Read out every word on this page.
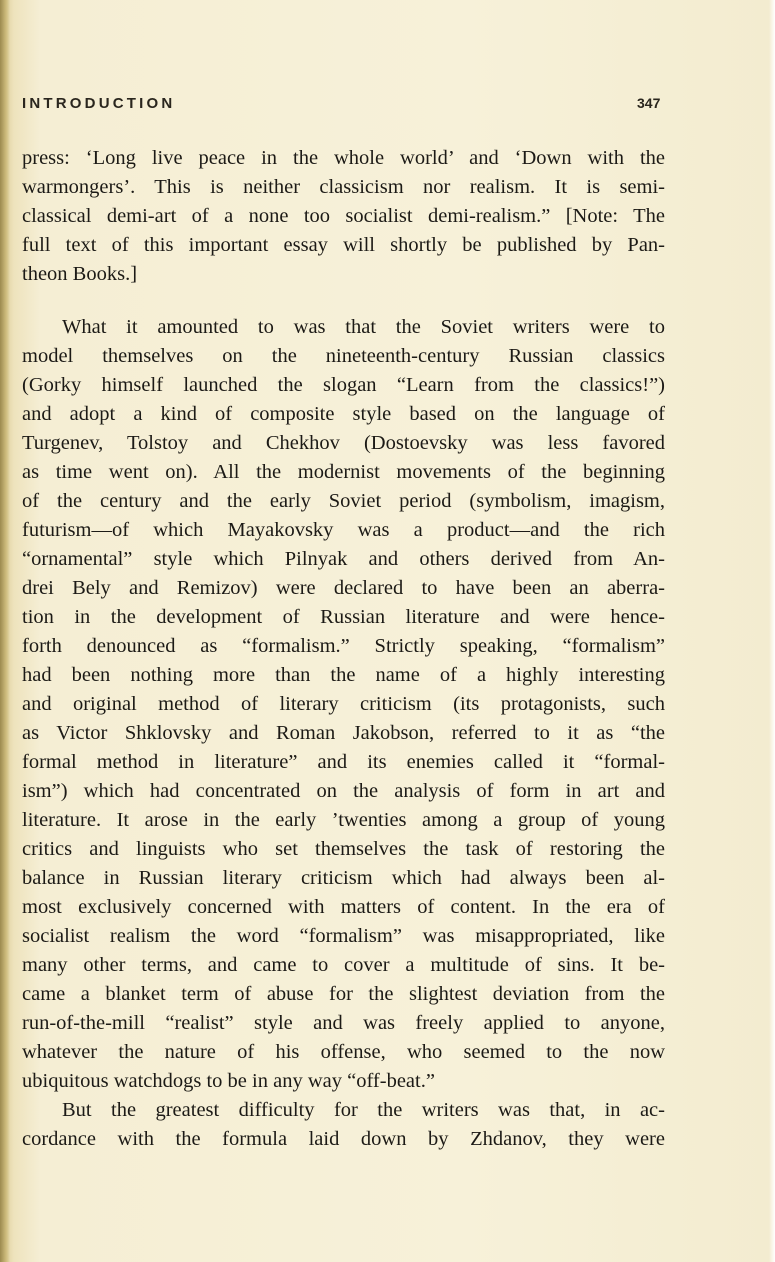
INTRODUCTION	347
press: ‘Long live peace in the whole world’ and ‘Down with the
warmongers’. This is neither classicism nor realism. It is semi-
classical demi-art of a none too socialist demi-realism.” [Note: The
full text of this important essay will shortly be published by Pan-
theon Books.]
What it amounted to was that the Soviet writers were to
model themselves on the nineteenth-century Russian classics
(Gorky himself launched the slogan “Learn from the classics!”)
and adopt a kind of composite style based on the language of
Turgenev, Tolstoy and Chekhov (Dostoevsky was less favored
as time went on). All the modernist movements of the beginning
of the century and the early Soviet period (symbolism, imagism,
futurism—of which Mayakovsky was a product—and the rich
“ornamental” style which Pilnyak and others derived from An-
drei Bely and Remizov) were declared to have been an aberra-
tion in the development of Russian literature and were hence-
forth denounced as “formalism.” Strictly speaking, “formalism”
had been nothing more than the name of a highly interesting
and original method of literary criticism (its protagonists, such
as Victor Shklovsky and Roman Jakobson, referred to it as “the
formal method in literature” and its enemies called it “formal-
ism”) which had concentrated on the analysis of form in art and
literature. It arose in the early ’twenties among a group of young
critics and linguists who set themselves the task of restoring the
balance in Russian literary criticism which had always been al-
most exclusively concerned with matters of content. In the era of
socialist realism the word “formalism” was misappropriated, like
many other terms, and came to cover a multitude of sins. It be-
came a blanket term of abuse for the slightest deviation from the
run-of-the-mill “realist” style and was freely applied to anyone,
whatever the nature of his offense, who seemed to the now
ubiquitous watchdogs to be in any way “off-beat.”
But the greatest difficulty for the writers was that, in ac-
cordance with the formula laid down by Zhdanov, they were
